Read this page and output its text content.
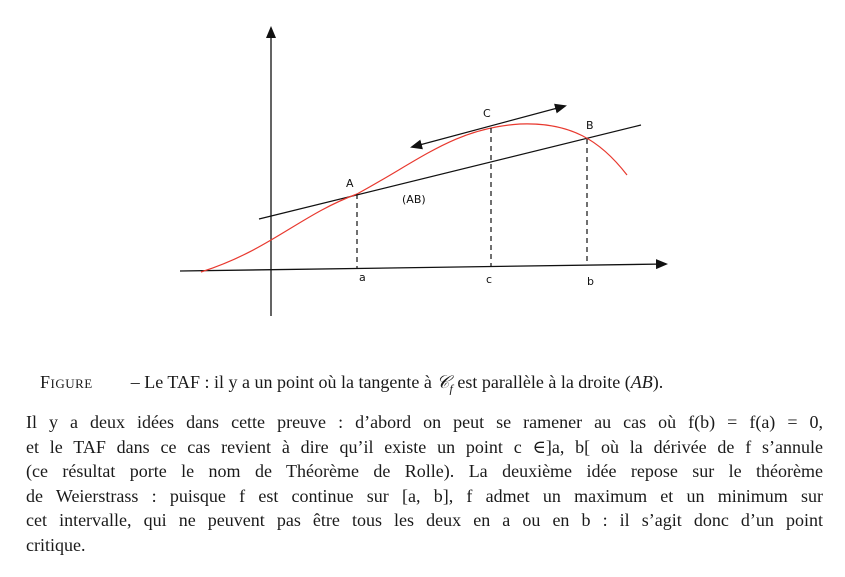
A
B
C
(AB)
a	c	b
Figure – Le TAF : il y a un point où la tangente à 𝒞$_f$ est parallèle à la droite (AB).
Il y a deux idées dans cette preuve : d’abord on peut se ramener au cas où f(b) = f(a) = 0,
et le TAF dans ce cas revient à dire qu’il existe un point c ∈]a, b[ où la dérivée de f s’annule
(ce résultat porte le nom de Théorème de Rolle). La deuxième idée repose sur le théorème
de Weierstrass : puisque f est continue sur [a, b], f admet un maximum et un minimum sur
cet intervalle, qui ne peuvent pas être tous les deux en a ou en b : il s’agit donc d’un point
critique.
